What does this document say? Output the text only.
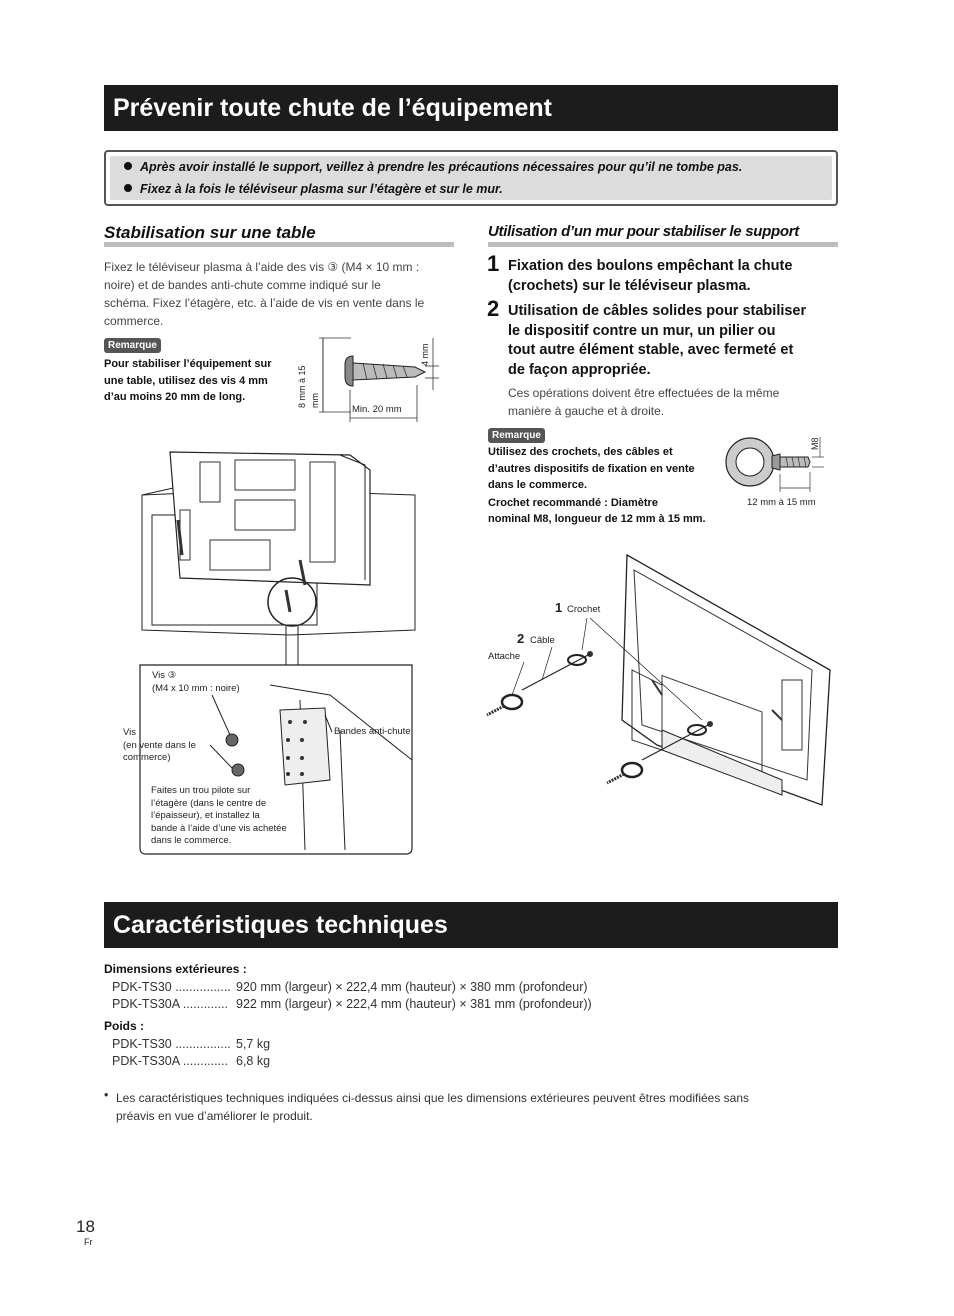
Prévenir toute chute de l’équipement
Après avoir installé le support, veillez à prendre les précautions nécessaires pour qu’il ne tombe pas.
Fixez à la fois le téléviseur plasma sur l’étagère et sur le mur.
Stabilisation sur une table
Fixez le téléviseur plasma à l’aide des vis ③ (M4 × 10 mm :
noire) et de bandes anti-chute comme indiqué sur le
schéma. Fixez l’étagère, etc. à l’aide de vis en vente dans le
commerce.
Remarque
Pour stabiliser l’équipement sur
une table, utilisez des vis 4 mm
d’au moins 20 mm de long.	8 mm à 15 mm
4 mm
Min. 20 mm
Vis ③
(M4 x 10 mm : noire)
Vis
(en vente dans le
commerce)
Bandes anti-chute
Faites un trou pilote sur
l’étagère (dans le centre de
l’épaisseur), et installez la
bande à l’aide d’une vis achetée
dans le commerce.
Utilisation d’un mur pour stabiliser le support
1 Fixation des boulons empêchant la chute
(crochets) sur le téléviseur plasma.
2 Utilisation de câbles solides pour stabiliser
le dispositif contre un mur, un pilier ou
tout autre élément stable, avec fermeté et
de façon appropriée.
Ces opérations doivent être effectuées de la même
manière à gauche et à droite.
Remarque
Utilisez des crochets, des câbles et
d’autres dispositifs de fixation en vente
dans le commerce.
Crochet recommandé : Diamètre
nominal M8, longueur de 12 mm à 15 mm.
M8
12 mm à 15 mm
1 Crochet
2 Câble
Attache
Caractéristiques techniques
Dimensions extérieures :
PDK-TS30 ................ 920 mm (largeur) × 222,4 mm (hauteur) × 380 mm (profondeur)
PDK-TS30A ............. 922 mm (largeur) × 222,4 mm (hauteur) × 381 mm (profondeur))
Poids :
PDK-TS30 ................ 5,7 kg
PDK-TS30A ............. 6,8 kg
• Les caractéristiques techniques indiquées ci-dessus ainsi que les dimensions extérieures peuvent êtres modifiées sans
préavis en vue d’améliorer le produit.
18
Fr
